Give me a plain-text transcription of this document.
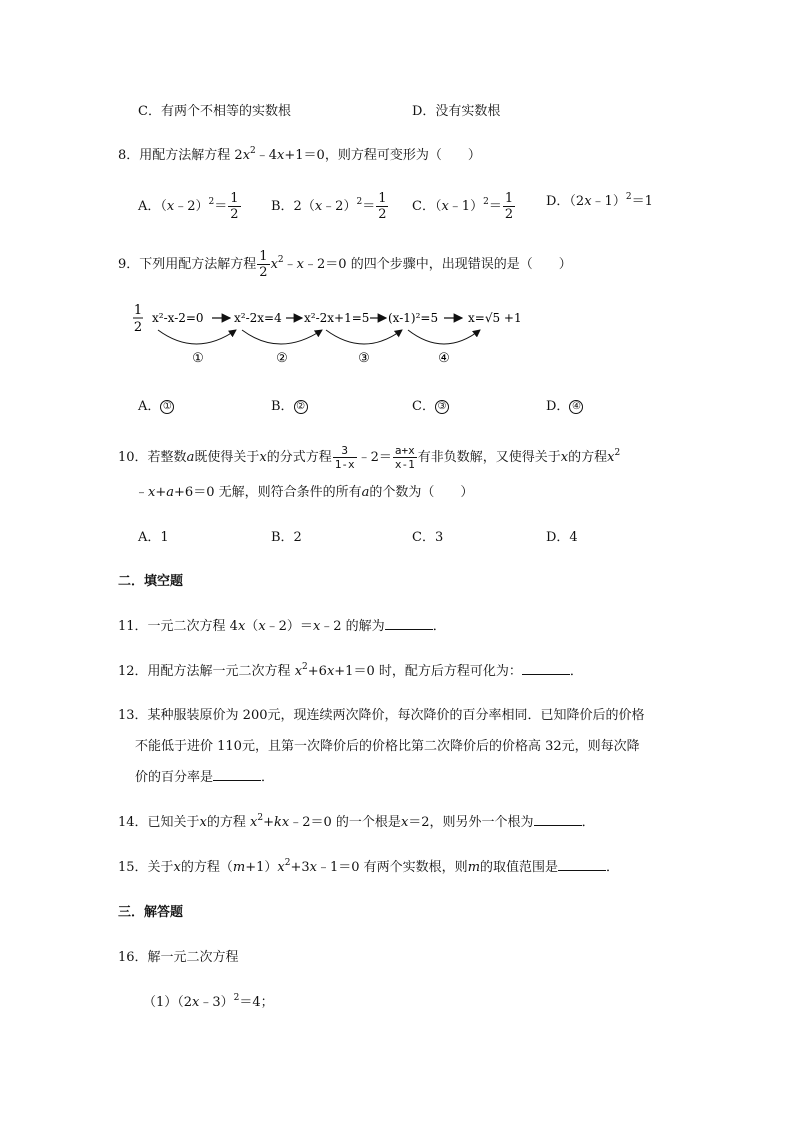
C．有两个不相等的实数根	D．没有实数根
8．用配方法解方程 $2x^2﹣4x+1=0$，则方程可变形为（　　）
A．（x﹣2）$^2$＝ $\frac{1}{2}$ B．2（x﹣2）$^2$＝ $\frac{1}{2}$ C．（x﹣1）$^2$＝ $\frac{1}{2}$ D．（2x﹣1）$^2$＝1
9．下列用配方法解方程 $\frac{1}{2}$ $x^2﹣x﹣2=0$ 的四个步骤中，出现错误的是（　　）
1
2
x²-x-2=0	x²-2x=4 x²-2x+1=5 (x-1)²=5 x=√5 +1
①	②	③	④
A． ①	B． ②	C． ③	D． ④
10．若整数a既使得关于x的分式方程 $\frac{3}{1-x}$ ﹣2＝ $\frac{a+x}{x-1}$ 有非负数解，又使得关于x的方程$x^2$
﹣x+a+6＝0 无解，则符合条件的所有a的个数为（　　）
A．1	B．2	C．3	D．4
二．填空题
11．一元二次方程 4x（x﹣2）＝x﹣2 的解为	．
12．用配方法解一元二次方程 $x^2+6x+1=0$ 时，配方后方程可化为：	．
13．某种服装原价为 200元，现连续两次降价，每次降价的百分率相同．已知降价后的价格
不能低于进价 110元，且第一次降价后的价格比第二次降价后的价格高 32元，则每次降
价的百分率是	．
14．已知关于x的方程 $x^2+kx﹣2=0$ 的一个根是x＝2，则另外一个根为	．
15．关于x的方程$(m+1)x^2+3x﹣1=0$ 有两个实数根，则m的取值范围是	．
三．解答题
16．解一元二次方程
（1）（2x﹣3）$^2$＝4；
